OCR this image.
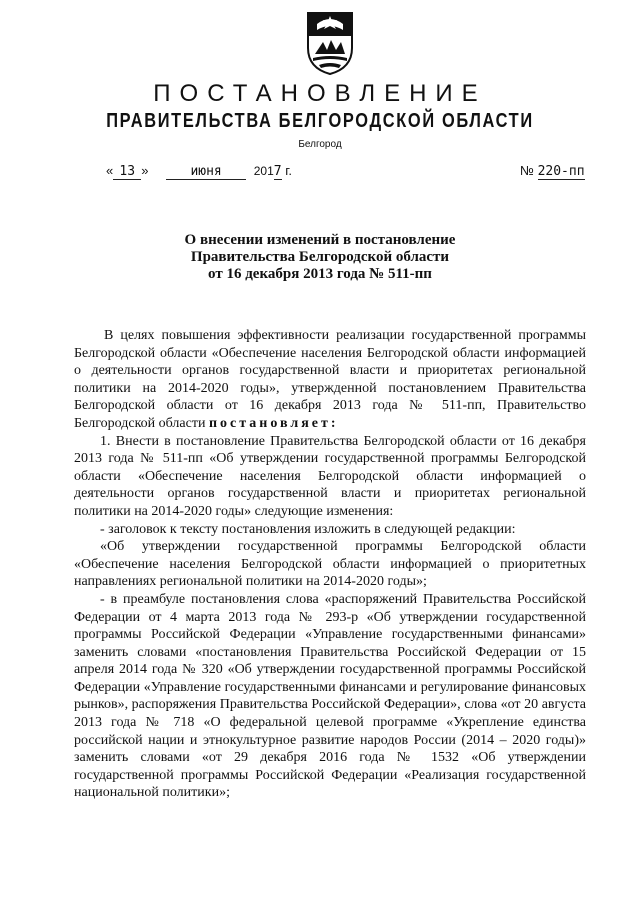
ПОСТАНОВЛЕНИЕ
ПРАВИТЕЛЬСТВА БЕЛГОРОДСКОЙ ОБЛАСТИ
Белгород
« 13 »	июня	2017 г.	№ 220-пп
О внесении изменений в постановление
Правительства Белгородской области
от 16 декабря 2013 года № 511-пп

В целях повышения эффективности реализации государственной программы Белгородской области «Обеспечение населения Белгородской области информацией о деятельности органов государственной власти и приоритетах региональной политики на 2014-2020 годы», утвержденной постановлением Правительства Белгородской области от 16 декабря 2013 года № 511-пп, Правительство Белгородской области постановляет:

1. Внести в постановление Правительства Белгородской области от 16 декабря 2013 года № 511-пп «Об утверждении государственной программы Белгородской области «Обеспечение населения Белгородской области информацией о деятельности органов государственной власти и приоритетах региональной политики на 2014-2020 годы» следующие изменения:

- заголовок к тексту постановления изложить в следующей редакции:

«Об утверждении государственной программы Белгородской области «Обеспечение населения Белгородской области информацией о приоритетных направлениях региональной политики на 2014-2020 годы»;

- в преамбуле постановления слова «распоряжений Правительства Российской Федерации от 4 марта 2013 года № 293-р «Об утверждении государственной программы Российской Федерации «Управление государственными финансами» заменить словами «постановления Правительства Российской Федерации от 15 апреля 2014 года № 320 «Об утверждении государственной программы Российской Федерации «Управление государственными финансами и регулирование финансовых рынков», распоряжения Правительства Российской Федерации», слова «от 20 августа 2013 года № 718 «О федеральной целевой программе «Укрепление единства российской нации и этнокультурное развитие народов России (2014 – 2020 годы)» заменить словами «от 29 декабря 2016 года № 1532 «Об утверждении государственной программы Российской Федерации «Реализация государственной национальной политики»;
